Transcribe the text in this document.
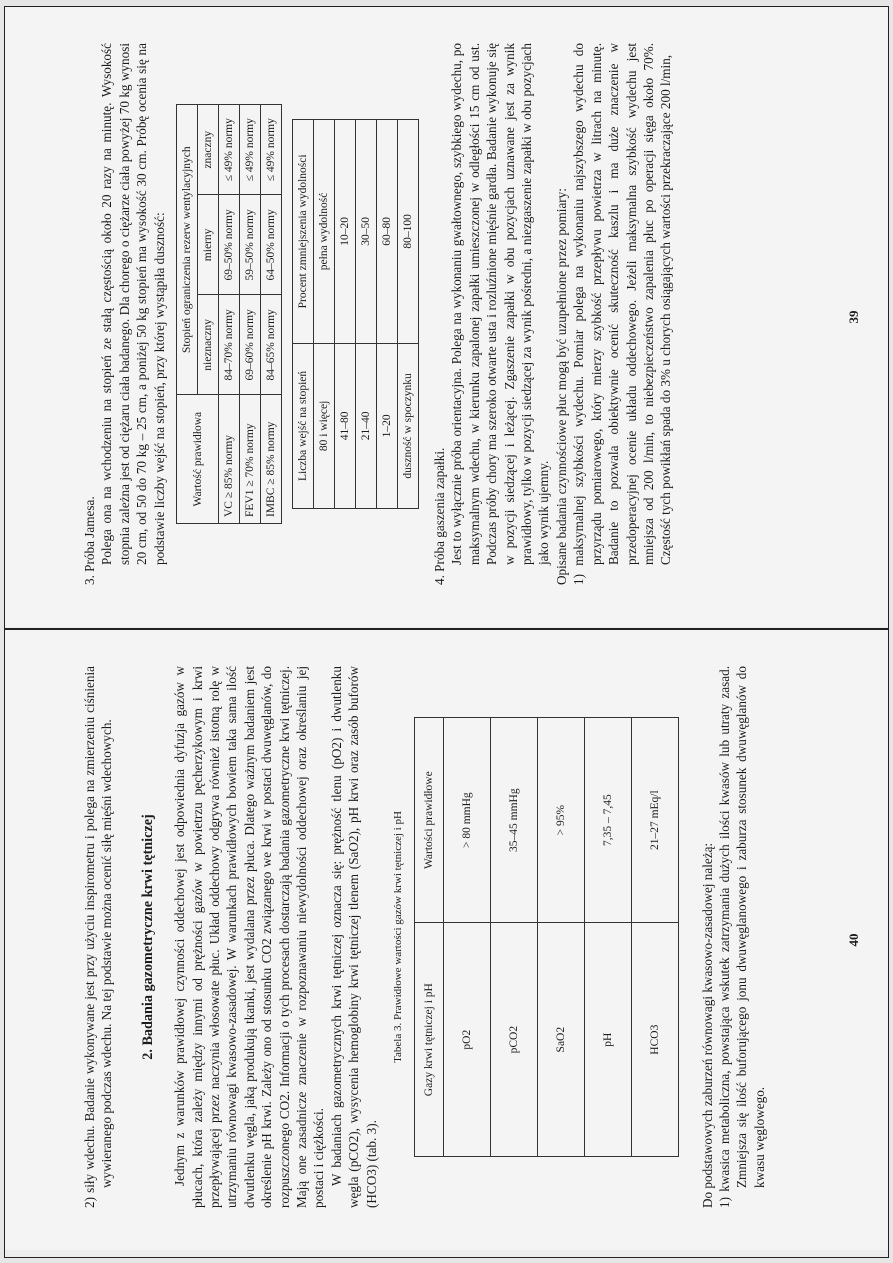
3. Próba Jamesa. Polega ona na wchodzeniu na stopień ze stałą częstością około 20 razy na minutę. Wysokość stopnia zależna jest od ciężaru ciała badanego. Dla chorego o ciężarze ciała powyżej 70 kg wynosi 20 cm, od 50 do 70 kg – 25 cm, a poniżej 50 kg stopień ma wysokość 30 cm. Próbę ocenia się na podstawie liczby wejść na stopień, przy której wystąpiła duszność: Wartość prawidłowa	Stopień ograniczenia rezerw wentylacyjnych		
	nieznaczny	mierny	znaczny
VC ≥ 85% normy	84–70% normy	69–50% normy	≤ 49% normy
FEV1 ≥ 70% normy	69–60% normy	59–50% normy	≤ 49% normy
IMBC ≥ 85% normy	84–65% normy	64–50% normy	≤ 49% normy
Liczba wejść na stopień	Procent zmniejszenia wydolności
80 i więcej	pełna wydolność
41–80	10–20
21–40	30–50
1–20	60–80
duszność w spoczynku	80–100

4. Próba gaszenia zapałki. Jest to wyłącznie próba orientacyjna. Polega na wykonaniu gwałtownego, szybkiego wydechu, po maksymalnym wdechu, w kierunku zapalonej zapałki umieszczonej w odległości 15 cm od ust. Podczas próby chory ma szeroko otwarte usta i rozluźnione mięśnie gardła. Badanie wykonuje się w pozycji siedzącej i leżącej. Zgaszenie zapałki w obu pozycjach uznawane jest za wynik prawidłowy, tylko w pozycji siedzącej za wynik pośredni, a niezgaszenie zapałki w obu pozycjach jako wynik ujemny. Opisane badania czynnościowe płuc mogą być uzupełnione przez pomiary: 1) maksymalnej szybkości wydechu. Pomiar polega na wykonaniu najszybszego wydechu do przyrządu pomiarowego, który mierzy szybkość przepływu powietrza w litrach na minutę. Badanie to pozwala obiektywnie ocenić skuteczność kaszlu i ma duże znaczenie w przedoperacyjnej ocenie układu oddechowego. Jeżeli maksymalna szybkość wydechu jest mniejsza od 200 l/min, to niebezpieczeństwo zapalenia płuc po operacji sięga około 70%. Częstość tych powikłań spada do 3% u chorych osiągających wartości przekraczające 200 l/min,	39

2) siły wdechu. Badanie wykonywane jest przy użyciu inspirometru i polega na zmierzeniu ciśnienia wywieranego podczas wdechu. Na tej podstawie można ocenić siłę mięśni wdechowych. 2. Badania gazometryczne krwi tętniczej Jednym z warunków prawidłowej czynności oddechowej jest odpowiednia dyfuzja gazów w płucach, która zależy między innymi od prężności gazów w powietrzu pęcherzykowym i krwi przepływającej przez naczynia włosowate płuc. Układ oddechowy odgrywa również istotną rolę w utrzymaniu równowagi kwasowo-zasadowej. W warunkach prawidłowych bowiem taka sama ilość dwutlenku węgla, jaką produkują tkanki, jest wydalana przez płuca. Dlatego ważnym badaniem jest określenie pH krwi. Zależy ono od stosunku CO2 związanego we krwi w postaci dwuwęglanów, do rozpuszczonego CO2. Informacji o tych procesach dostarczają badania gazometryczne krwi tętniczej. Mają one zasadnicze znaczenie w rozpoznawaniu niewydolności oddechowej oraz określaniu jej postaci i ciężkości. W badaniach gazometrycznych krwi tętniczej oznacza się: prężność tlenu (pO2) i dwutlenku węgla (pCO2), wysycenia hemoglobiny krwi tętniczej tlenem (SaO2), pH krwi oraz zasób buforów (HCO3) (tab. 3).

Tabela 3. Prawidłowe wartości gazów krwi tętniczej i pH Gazy krwi tętniczej i pH	Wartości prawidłowe
pO2	> 80 mmHg
pCO2	35–45 mmHg
SaO2	> 95%
pH	7,35 – 7,45
HCO3	21–27 mEq/l

Do podstawowych zaburzeń równowagi kwasowo-zasadowej należą: 1) kwasica metaboliczna, powstająca wskutek zatrzymania dużych ilości kwasów lub utraty zasad. Zmniejsza się ilość buforującego jonu dwuwęglanowego i zaburza stosunek dwuwęglanów do kwasu węglowego.

40
